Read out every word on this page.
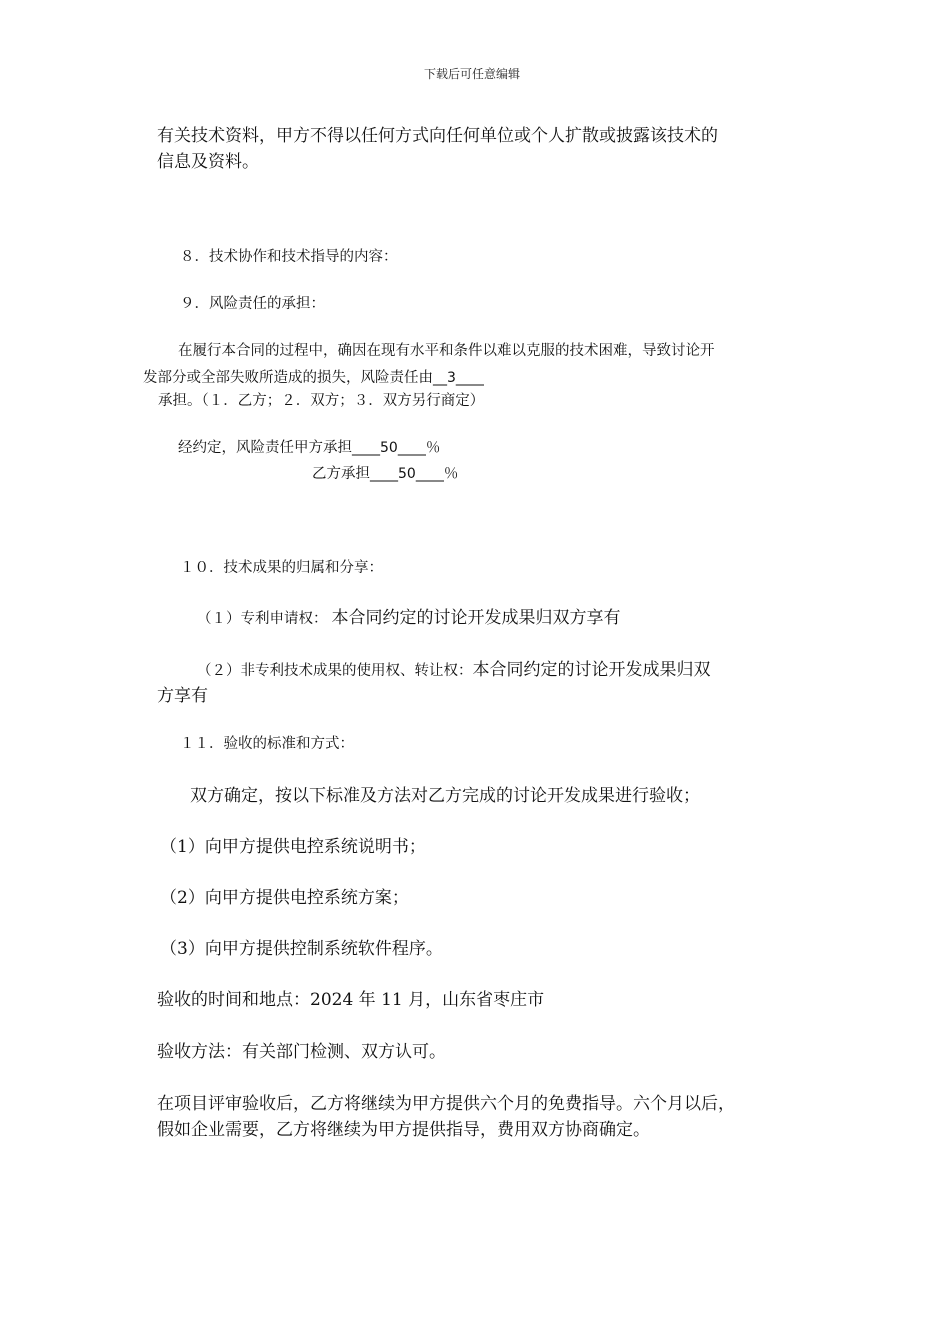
下载后可任意编辑
有关技术资料，甲方不得以任何方式向任何单位或个人扩散或披露该技术的
信息及资料。
８．技术协作和技术指导的内容：
９．风险责任的承担：
在履行本合同的过程中，确因在现有水平和条件以难以克服的技术困难，导致讨论开
发部分或全部失败所造成的损失，风险责任由__3____
承担。（１．乙方；２．双方；３．双方另行商定）
经约定，风险责任甲方承担____50____％
乙方承担____50____％
１０．技术成果的归属和分享：
（１）专利申请权： 本合同约定的讨论开发成果归双方享有
（２）非专利技术成果的使用权、转让权：本合同约定的讨论开发成果归双
方享有
１１．验收的标准和方式：
双方确定，按以下标准及方法对乙方完成的讨论开发成果进行验收；
（1）向甲方提供电控系统说明书；
（2）向甲方提供电控系统方案；
（3）向甲方提供控制系统软件程序。
验收的时间和地点：2024 年 11 月，山东省枣庄市
验收方法：有关部门检测、双方认可。
在项目评审验收后，乙方将继续为甲方提供六个月的免费指导。六个月以后，
假如企业需要，乙方将继续为甲方提供指导，费用双方协商确定。
